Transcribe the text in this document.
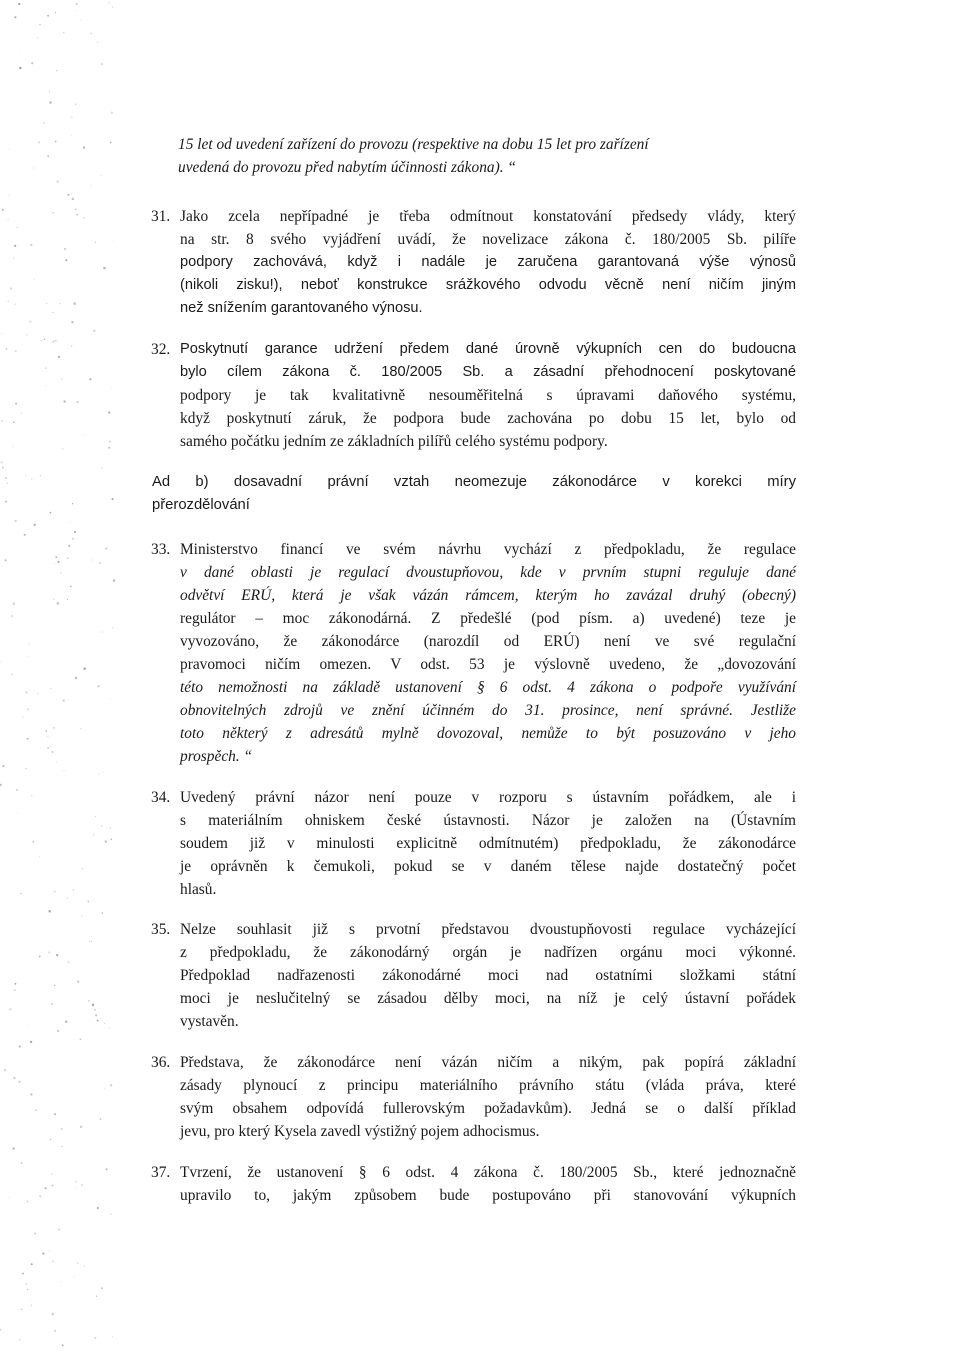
15 let od uvedení zařízení do provozu (respektive na dobu 15 let pro zařízení
uvedená do provozu před nabytím účinnosti zákona). “
31. Jako zcela nepřípadné je třeba odmítnout konstatování předsedy vlády, který
na str. 8 svého vyjádření uvádí, že novelizace zákona č. 180/2005 Sb. pilíře
podpory zachovává, když i nadále je zaručena garantovaná výše výnosů
(nikoli zisku!), neboť konstrukce srážkového odvodu věcně není ničím jiným
než snížením garantovaného výnosu.
32. Poskytnutí garance udržení předem dané úrovně výkupních cen do budoucna
bylo cílem zákona č. 180/2005 Sb. a zásadní přehodnocení poskytované
podpory je tak kvalitativně nesouměřitelná s úpravami daňového systému,
když poskytnutí záruk, že podpora bude zachována po dobu 15 let, bylo od
samého počátku jedním ze základních pilířů celého systému podpory.
Ad b) dosavadní právní vztah neomezuje zákonodárce v korekci míry
přerozdělování
33. Ministerstvo financí ve svém návrhu vychází z předpokladu, že regulace
v dané oblasti je regulací dvoustupňovou, kde v prvním stupni reguluje dané
odvětví ERÚ, která je však vázán rámcem, kterým ho zavázal druhý (obecný)
regulátor – moc zákonodárná. Z předešlé (pod písm. a) uvedené) teze je
vyvozováno, že zákonodárce (narozdíl od ERÚ) není ve své regulační
pravomoci ničím omezen. V odst. 53 je výslovně uvedeno, že „dovozování
této nemožnosti na základě ustanovení § 6 odst. 4 zákona o podpoře využívání
obnovitelných zdrojů ve znění účinném do 31. prosince, není správné. Jestliže
toto některý z adresátů mylně dovozoval, nemůže to být posuzováno v jeho
prospěch. “
34. Uvedený právní názor není pouze v rozporu s ústavním pořádkem, ale i
s materiálním ohniskem české ústavnosti. Názor je založen na (Ústavním
soudem již v minulosti explicitně odmítnutém) předpokladu, že zákonodárce
je oprávněn k čemukoli, pokud se v daném tělese najde dostatečný počet
hlasů.
35. Nelze souhlasit již s prvotní představou dvoustupňovosti regulace vycházející
z předpokladu, že zákonodárný orgán je nadřízen orgánu moci výkonné.
Předpoklad nadřazenosti zákonodárné moci nad ostatními složkami státní
moci je neslučitelný se zásadou dělby moci, na níž je celý ústavní pořádek
vystavěn.
36. Představa, že zákonodárce není vázán ničím a nikým, pak popírá základní
zásady plynoucí z principu materiálního právního státu (vláda práva, které
svým obsahem odpovídá fullerovským požadavkům). Jedná se o další příklad
jevu, pro který Kysela zavedl výstižný pojem adhocismus.
37. Tvrzení, že ustanovení § 6 odst. 4 zákona č. 180/2005 Sb., které jednoznačně
upravilo to, jakým způsobem bude postupováno při stanovování výkupních
